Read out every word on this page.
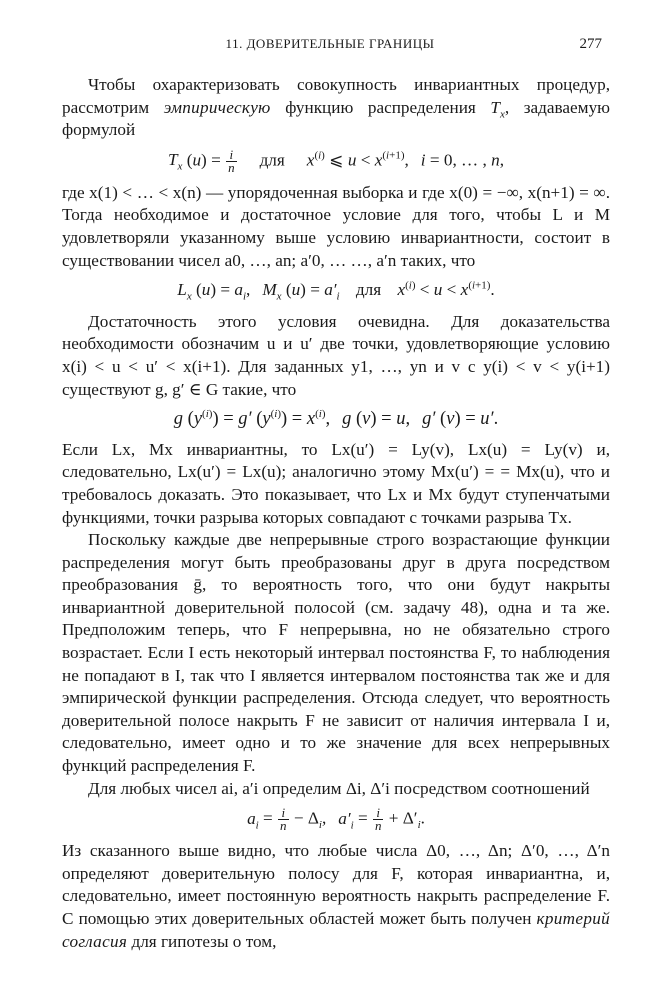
11. ДОВЕРИТЕЛЬНЫЕ ГРАНИЦЫ	277

Чтобы охарактеризовать совокупность инвариантных процедур, рассмотрим эмпирическую функцию распределения $T_x$, задаваемую формулой

$T_x$ $(u) = \frac{i}{n}$ для $x^{(i)}$ ⩽ $u < x^{(i+1)}$, i = 0, … , n,

где x(1) < … < x(n) — упорядоченная выборка и где x(0) = −∞, x(n+1) = ∞. Тогда необходимое и достаточное условие для того, чтобы L и M удовлетворяли указанному выше условию инвариантности, состоит в существовании чисел a0, …, an; a′0, … …, a′n таких, что

$L_x$ $(u) = a_i$, $M_x$ $(u) = a'_i$ для $x^{(i)} < u < x^{(i+1)}$.

Достаточность этого условия очевидна. Для доказательства необходимости обозначим u и u′ две точки, удовлетворяющие условию x(i) < u < u′ < x(i+1). Для заданных y1, …, yn и v с y(i) < v < y(i+1) существуют g, g′ ∈ G такие, что

g $(y^{(i)}) = g'$ $(y^{(i)}) = x^{(i)}$, g (v) = u, g′ (v) = u′.

Если Lx, Mx инвариантны, то Lx(u′) = Ly(v), Lx(u) = Ly(v) и, следовательно, Lx(u′) = Lx(u); аналогично этому Mx(u′) = = Mx(u), что и требовалось доказать. Это показывает, что Lx и Mx будут ступенчатыми функциями, точки разрыва которых совпадают с точками разрыва Tx.

Поскольку каждые две непрерывные строго возрастающие функции распределения могут быть преобразованы друг в друга посредством преобразования ḡ, то вероятность того, что они будут накрыты инвариантной доверительной полосой (см. задачу 48), одна и та же. Предположим теперь, что F непрерывна, но не обязательно строго возрастает. Если I есть некоторый интервал постоянства F, то наблюдения не попадают в I, так что I является интервалом постоянства так же и для эмпирической функции распределения. Отсюда следует, что вероятность доверительной полосе накрыть F не зависит от наличия интервала I и, следовательно, имеет одно и то же значение для всех непрерывных функций распределения F.

Для любых чисел ai, a′i определим Δi, Δ′i посредством соотношений

$a_i = \frac{i}{n} - \Delta_i$, $a'_i = \frac{i}{n} + \Delta'_i$.

Из сказанного выше видно, что любые числа Δ0, …, Δn; Δ′0, …, Δ′n определяют доверительную полосу для F, которая инвариантна, и, следовательно, имеет постоянную вероятность накрыть распределение F. С помощью этих доверительных областей может быть получен критерий согласия для гипотезы о том,
